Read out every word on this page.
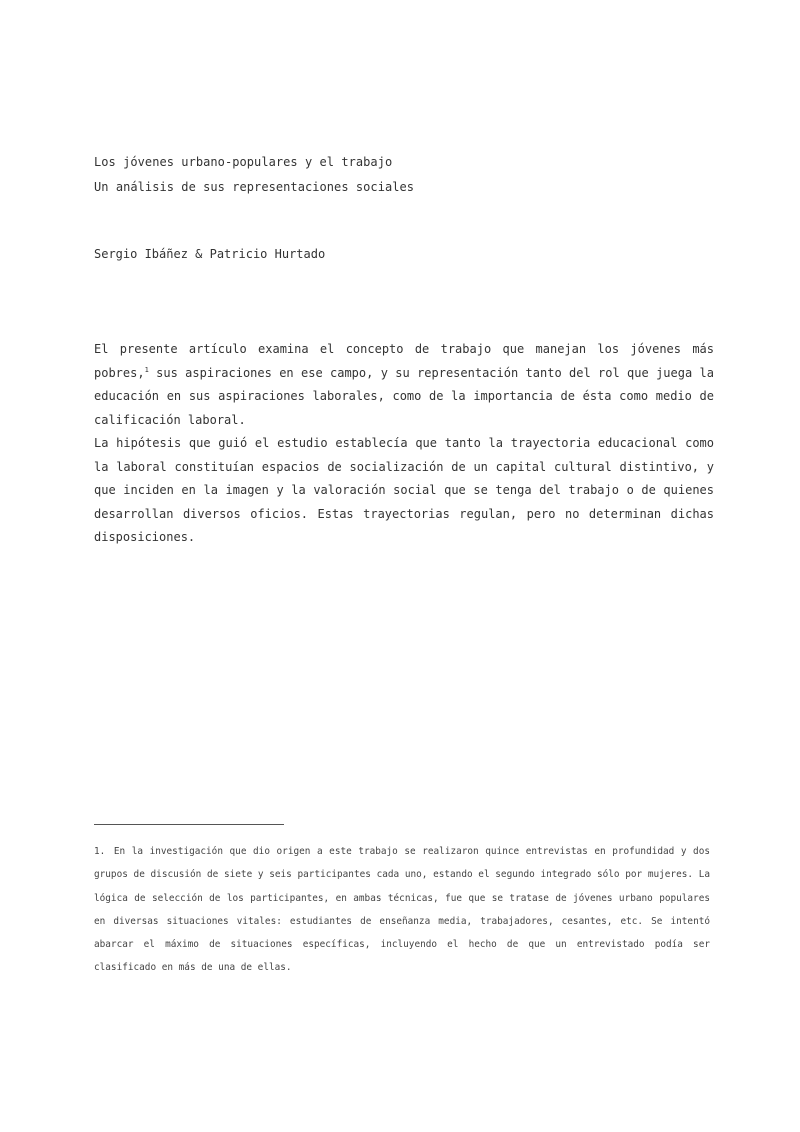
Los jóvenes urbano-populares y el trabajo
Un análisis de sus representaciones sociales
Sergio Ibáñez & Patricio Hurtado

El presente artículo examina el concepto de trabajo que manejan los jóvenes más pobres,$^1$ sus aspiraciones en ese campo, y su representación tanto del rol que juega la educación en sus aspiraciones laborales, como de la importancia de ésta como medio de calificación laboral.

La hipótesis que guió el estudio establecía que tanto la trayectoria educacional como la laboral constituían espacios de socialización de un capital cultural distintivo, y que inciden en la imagen y la valoración social que se tenga del trabajo o de quienes desarrollan diversos oficios. Estas trayectorias regulan, pero no determinan dichas disposiciones.

1. En la investigación que dio origen a este trabajo se realizaron quince entrevistas en profundidad y dos grupos de discusión de siete y seis participantes cada uno, estando el segundo integrado sólo por mujeres. La lógica de selección de los participantes, en ambas técnicas, fue que se tratase de jóvenes urbano populares en diversas situaciones vitales: estudiantes de enseñanza media, trabajadores, cesantes, etc. Se intentó abarcar el máximo de situaciones específicas, incluyendo el hecho de que un entrevistado podía ser clasificado en más de una de ellas.
